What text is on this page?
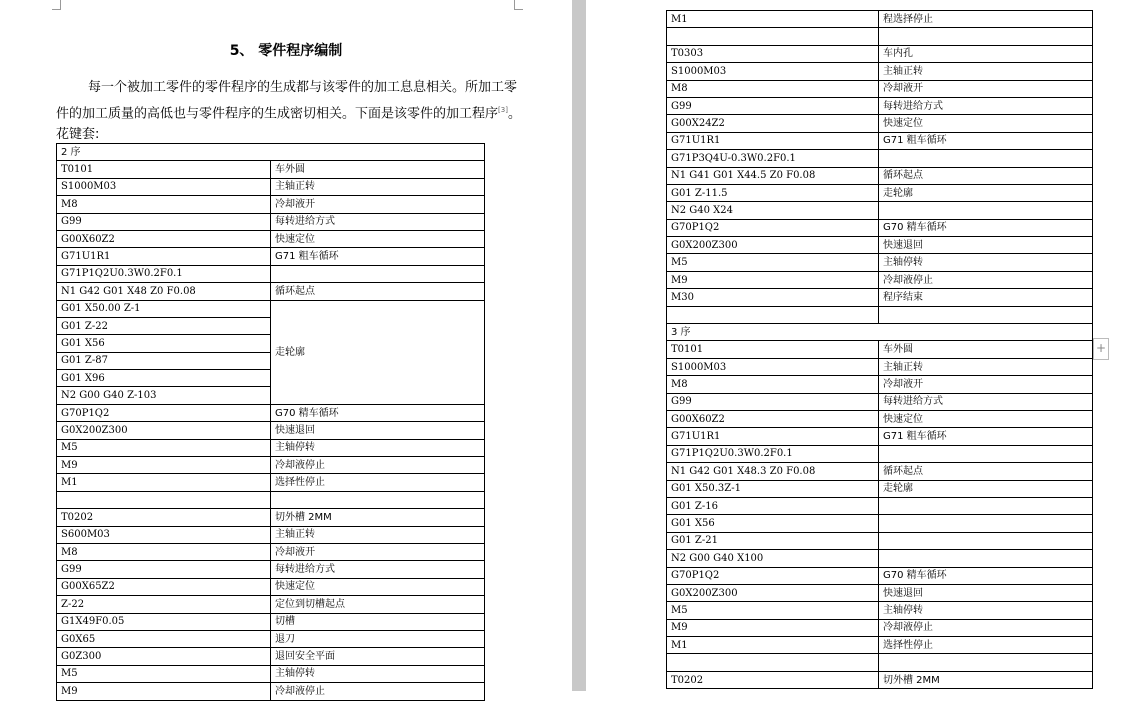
5、 零件程序编制
每一个被加工零件的零件程序的生成都与该零件的加工息息相关。所加工零件的加工质量的高低也与零件程序的生成密切相关。下面是该零件的加工程序[3]。
花键套:
2 序	
T0101	车外圆
S1000M03	主轴正转
M8	冷却液开
G99	每转进给方式
G00X60Z2	快速定位
G71U1R1	G71 粗车循环
G71P1Q2U0.3W0.2F0.1	
N1 G42 G01 X48 Z0 F0.08	循环起点
G01 X50.00 Z-1	走轮廓
G01 Z-22	
G01 X56	
G01 Z-87	
G01 X96	
N2 G00 G40 Z-103	
G70P1Q2	G70 精车循环
G0X200Z300	快速退回
M5	主轴停转
M9	冷却液停止
M1	选择性停止

T0202	切外槽 2MM
S600M03	主轴正转
M8	冷却液开
G99	每转进给方式
G00X65Z2	快速定位
Z-22	定位到切槽起点
G1X49F0.05	切槽
G0X65	退刀
G0Z300	退回安全平面
M5	主轴停转
M9	冷却液停止
M1	程选择停止

T0303	车内孔
S1000M03	主轴正转
M8	冷却液开
G99	每转进给方式
G00X24Z2	快速定位
G71U1R1	G71 粗车循环
G71P3Q4U-0.3W0.2F0.1	
N1 G41 G01 X44.5 Z0 F0.08	循环起点
G01 Z-11.5	走轮廓
N2 G40 X24	
G70P1Q2	G70 精车循环
G0X200Z300	快速退回
M5	主轴停转
M9	冷却液停止
M30	程序结束

3 序	
T0101	车外圆
S1000M03	主轴正转
M8	冷却液开
G99	每转进给方式
G00X60Z2	快速定位
G71U1R1	G71 粗车循环
G71P1Q2U0.3W0.2F0.1	
N1 G42 G01 X48.3 Z0 F0.08	循环起点
G01 X50.3Z-1	走轮廓
G01 Z-16	
G01 X56	
G01 Z-21	
N2 G00 G40 X100	
G70P1Q2	G70 精车循环
G0X200Z300	快速退回
M5	主轴停转
M9	冷却液停止
M1	选择性停止

T0202	切外槽 2MM
+
